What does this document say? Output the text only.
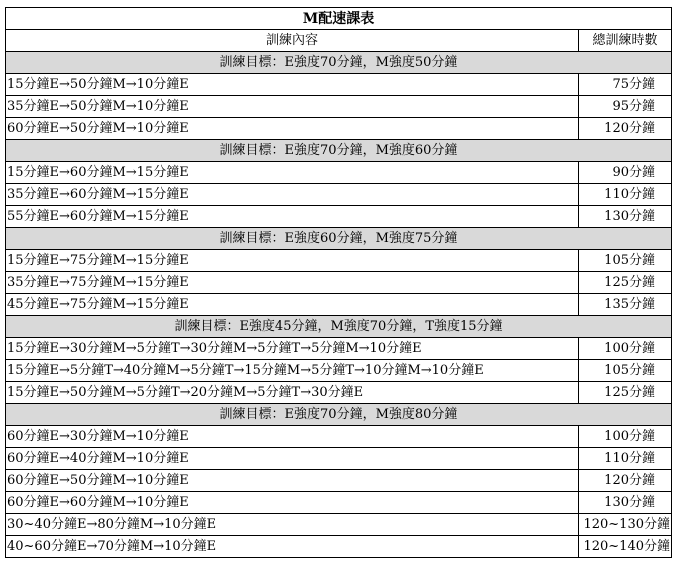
M配速課表	
訓練內容	總訓練時數
訓練目標：E強度70分鐘，M強度50分鐘	
15分鐘E→50分鐘M→10分鐘E	75分鐘
35分鐘E→50分鐘M→10分鐘E	95分鐘
60分鐘E→50分鐘M→10分鐘E	120分鐘
訓練目標：E強度70分鐘，M強度60分鐘	
15分鐘E→60分鐘M→15分鐘E	90分鐘
35分鐘E→60分鐘M→15分鐘E	110分鐘
55分鐘E→60分鐘M→15分鐘E	130分鐘
訓練目標：E強度60分鐘，M強度75分鐘	
15分鐘E→75分鐘M→15分鐘E	105分鐘
35分鐘E→75分鐘M→15分鐘E	125分鐘
45分鐘E→75分鐘M→15分鐘E	135分鐘
訓練目標：E強度45分鐘，M強度70分鐘，T強度15分鐘	
15分鐘E→30分鐘M→5分鐘T→30分鐘M→5分鐘T→5分鐘M→10分鐘E	100分鐘
15分鐘E→5分鐘T→40分鐘M→5分鐘T→15分鐘M→5分鐘T→10分鐘M→10分鐘E	105分鐘
15分鐘E→50分鐘M→5分鐘T→20分鐘M→5分鐘T→30分鐘E	125分鐘
訓練目標：E強度70分鐘，M強度80分鐘	
60分鐘E→30分鐘M→10分鐘E	100分鐘
60分鐘E→40分鐘M→10分鐘E	110分鐘
60分鐘E→50分鐘M→10分鐘E	120分鐘
60分鐘E→60分鐘M→10分鐘E	130分鐘
30~40分鐘E→80分鐘M→10分鐘E	120~130分鐘
40~60分鐘E→70分鐘M→10分鐘E	120~140分鐘
